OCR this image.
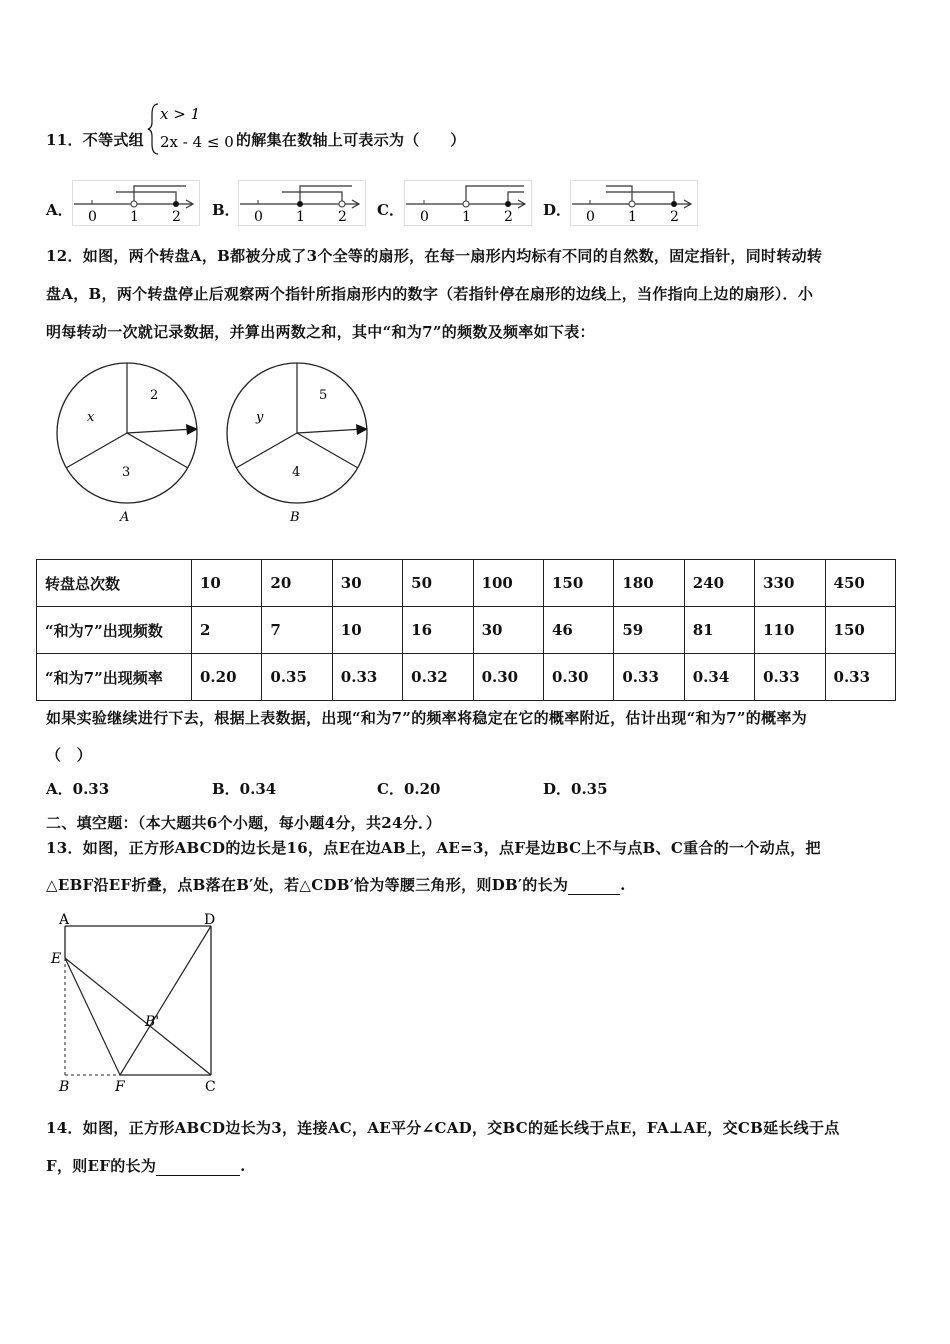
11．不等式组
x > 1
2x - 4 ≤ 0 的解集在数轴上可表示为（　　）
A． 0 1 2 B． 0 1 2 C． 0 1 2 D． 0 1 2
12．如图，两个转盘A，B都被分成了3个全等的扇形，在每一扇形内均标有不同的自然数，固定指针，同时转动转
盘A，B，两个转盘停止后观察两个指针所指扇形内的数字（若指针停在扇形的边线上，当作指向上边的扇形）．小
明每转动一次就记录数据，并算出两数之和，其中“和为7”的频数及频率如下表：
2
x
3
A
5
y
4
B
转盘总次数	10	20	30	50	100	150	180	240	330	450
“和为7”出现频数	2	7	10	16	30	46	59	81	110	150
“和为7”出现频率	0.20	0.35	0.33	0.32	0.30	0.30	0.33	0.34	0.33	0.33
如果实验继续进行下去，根据上表数据，出现“和为7”的频率将稳定在它的概率附近，估计出现“和为7”的概率为
（　）
A．0.33	B．0.34	C．0.20	D．0.35
二、填空题：（本大题共6个小题，每小题4分，共24分．）
13．如图，正方形ABCD的边长是16，点E在边AB上，AE=3，点F是边BC上不与点B、C重合的一个动点，把
△EBF沿EF折叠，点B落在B′处，若△CDB′恰为等腰三角形，则DB′的长为	.
A	D
E
B'
B	F	C
14．如图，正方形ABCD边长为3，连接AC，AE平分∠CAD，交BC的延长线于点E，FA⊥AE，交CB延长线于点
F，则EF的长为	.
